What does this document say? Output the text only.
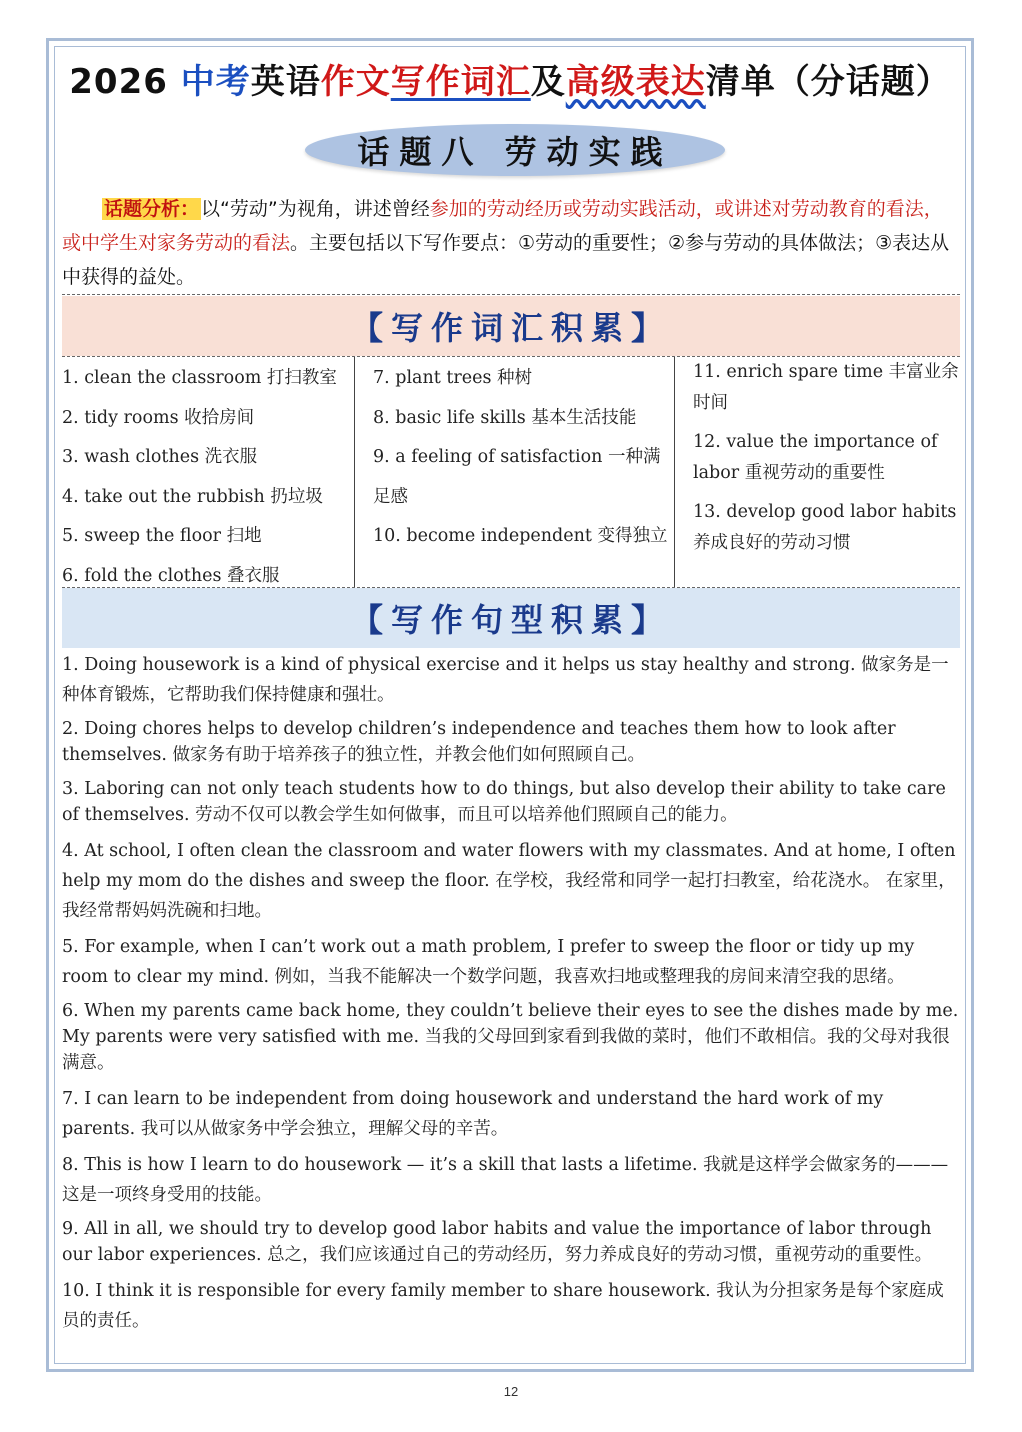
2026 中考英语作文写作词汇及高级表达清单（分话题）
话题八 劳动实践
话题分析： 以“劳动”为视角，讲述曾经参加的劳动经历或劳动实践活动，或讲述对劳动教育的看法，或中学生对家务劳动的看法。主要包括以下写作要点：①劳动的重要性；②参与劳动的具体做法；③表达从中获得的益处。
【写作词汇积累】

1. clean the classroom 打扫教室

2. tidy rooms 收拾房间

3. wash clothes 洗衣服

4. take out the rubbish 扔垃圾

5. sweep the floor 扫地

6. fold the clothes 叠衣服

7. plant trees 种树

8. basic life skills 基本生活技能

9. a feeling of satisfaction 一种满足感

10. become independent 变得独立

11. enrich spare time 丰富业余时间

12. value the importance of labor 重视劳动的重要性

13. develop good labor habits 养成良好的劳动习惯

【写作句型积累】

1. Doing housework is a kind of physical exercise and it helps us stay healthy and strong. 做家务是一种体育锻炼，它帮助我们保持健康和强壮。

2. Doing chores helps to develop children’s independence and teaches them how to look after themselves. 做家务有助于培养孩子的独立性，并教会他们如何照顾自己。

3. Laboring can not only teach students how to do things, but also develop their ability to take care of themselves. 劳动不仅可以教会学生如何做事，而且可以培养他们照顾自己的能力。

4. At school, I often clean the classroom and water flowers with my classmates. And at home, I often help my mom do the dishes and sweep the floor. 在学校，我经常和同学一起打扫教室，给花浇水。 在家里，我经常帮妈妈洗碗和扫地。

5. For example, when I can’t work out a math problem, I prefer to sweep the floor or tidy up my room to clear my mind. 例如，当我不能解决一个数学问题，我喜欢扫地或整理我的房间来清空我的思绪。

6. When my parents came back home, they couldn’t believe their eyes to see the dishes made by me. My parents were very satisfied with me. 当我的父母回到家看到我做的菜时，他们不敢相信。我的父母对我很满意。

7. I can learn to be independent from doing housework and understand the hard work of my parents. 我可以从做家务中学会独立，理解父母的辛苦。

8. This is how I learn to do housework — it’s a skill that lasts a lifetime. 我就是这样学会做家务的———这是一项终身受用的技能。

9. All in all, we should try to develop good labor habits and value the importance of labor through our labor experiences. 总之，我们应该通过自己的劳动经历，努力养成良好的劳动习惯，重视劳动的重要性。

10. I think it is responsible for every family member to share housework. 我认为分担家务是每个家庭成员的责任。

12
